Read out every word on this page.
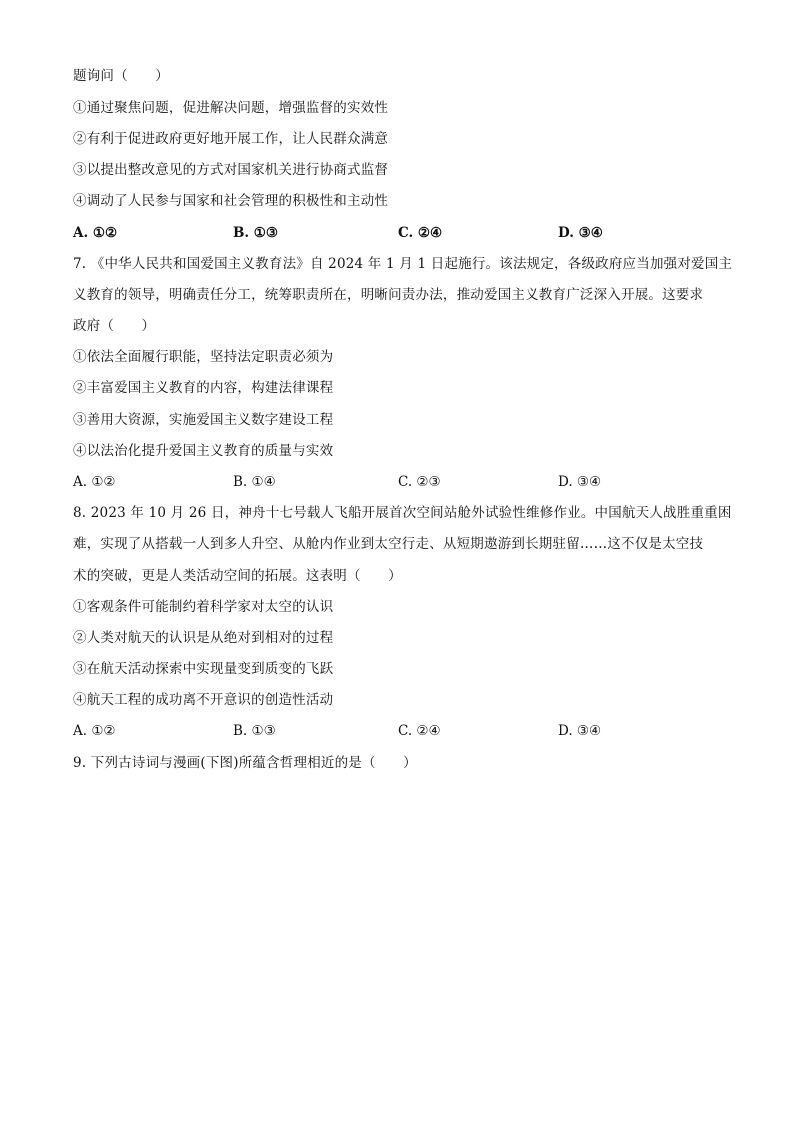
题询问（　　）
①通过聚焦问题，促进解决问题，增强监督的实效性
②有利于促进政府更好地开展工作，让人民群众满意
③以提出整改意见的方式对国家机关进行协商式监督
④调动了人民参与国家和社会管理的积极性和主动性
A. ①②	B. ①③	C. ②④	D. ③④
7. 《中华人民共和国爱国主义教育法》自 2024 年 1 月 1 日起施行。该法规定，各级政府应当加强对爱国主
义教育的领导，明确责任分工，统筹职责所在，明晰问责办法，推动爱国主义教育广泛深入开展。这要求
政府（　　）
①依法全面履行职能，坚持法定职责必须为
②丰富爱国主义教育的内容，构建法律课程
③善用大资源，实施爱国主义数字建设工程
④以法治化提升爱国主义教育的质量与实效
A. ①②	B. ①④	C. ②③	D. ③④
8. 2023 年 10 月 26 日，神舟十七号载人飞船开展首次空间站舱外试验性维修作业。中国航天人战胜重重困
难，实现了从搭载一人到多人升空、从舱内作业到太空行走、从短期遨游到长期驻留……这不仅是太空技
术的突破，更是人类活动空间的拓展。这表明（　　）
①客观条件可能制约着科学家对太空的认识
②人类对航天的认识是从绝对到相对的过程
③在航天活动探索中实现量变到质变的飞跃
④航天工程的成功离不开意识的创造性活动
A. ①②	B. ①③	C. ②④	D. ③④
9. 下列古诗词与漫画(下图)所蕴含哲理相近的是（　　）
